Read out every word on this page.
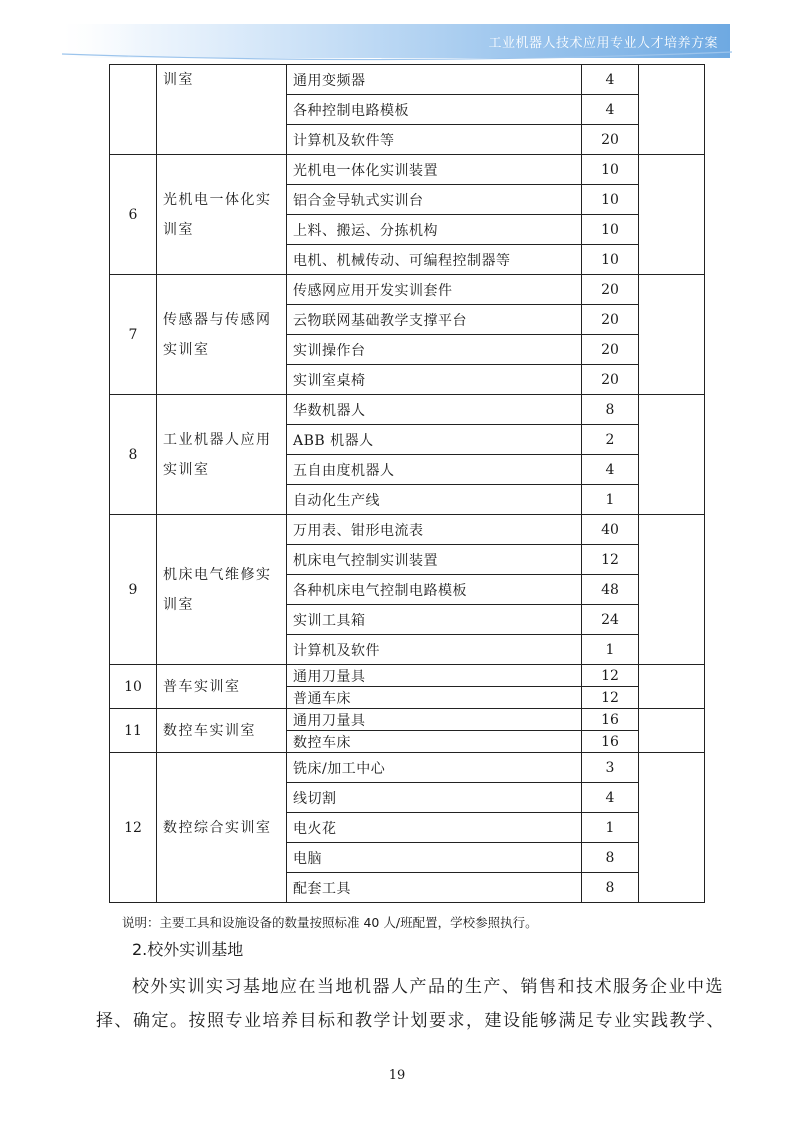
工业机器人技术应用专业人才培养方案
	训室	通用变频器	4	
		各种控制电路模板	4	
		计算机及软件等	20	
6	光机电一体化实训室	光机电一体化实训装置	10	
		铝合金导轨式实训台	10	
		上料、搬运、分拣机构	10	
		电机、机械传动、可编程控制器等	10	
7	传感器与传感网实训室	传感网应用开发实训套件	20	
		云物联网基础教学支撑平台	20	
		实训操作台	20	
		实训室桌椅	20	
8	工业机器人应用实训室	华数机器人	8	
		ABB 机器人	2	
		五自由度机器人	4	
		自动化生产线	1	
9	机床电气维修实训室	万用表、钳形电流表	40	
		机床电气控制实训装置	12	
		各种机床电气控制电路模板	48	
		实训工具箱	24	
		计算机及软件	1	
10	普车实训室	通用刀量具	12	
		普通车床	12	
11	数控车实训室	通用刀量具	16	
		数控车床	16	
12	数控综合实训室	铣床/加工中心	3	
		线切割	4	
		电火花	1	
		电脑	8	
		配套工具	8	
说明：主要工具和设施设备的数量按照标准 40 人/班配置，学校参照执行。
2.校外实训基地
校外实训实习基地应在当地机器人产品的生产、销售和技术服务企业中选择、确定。按照专业培养目标和教学计划要求，建设能够满足专业实践教学、
19
